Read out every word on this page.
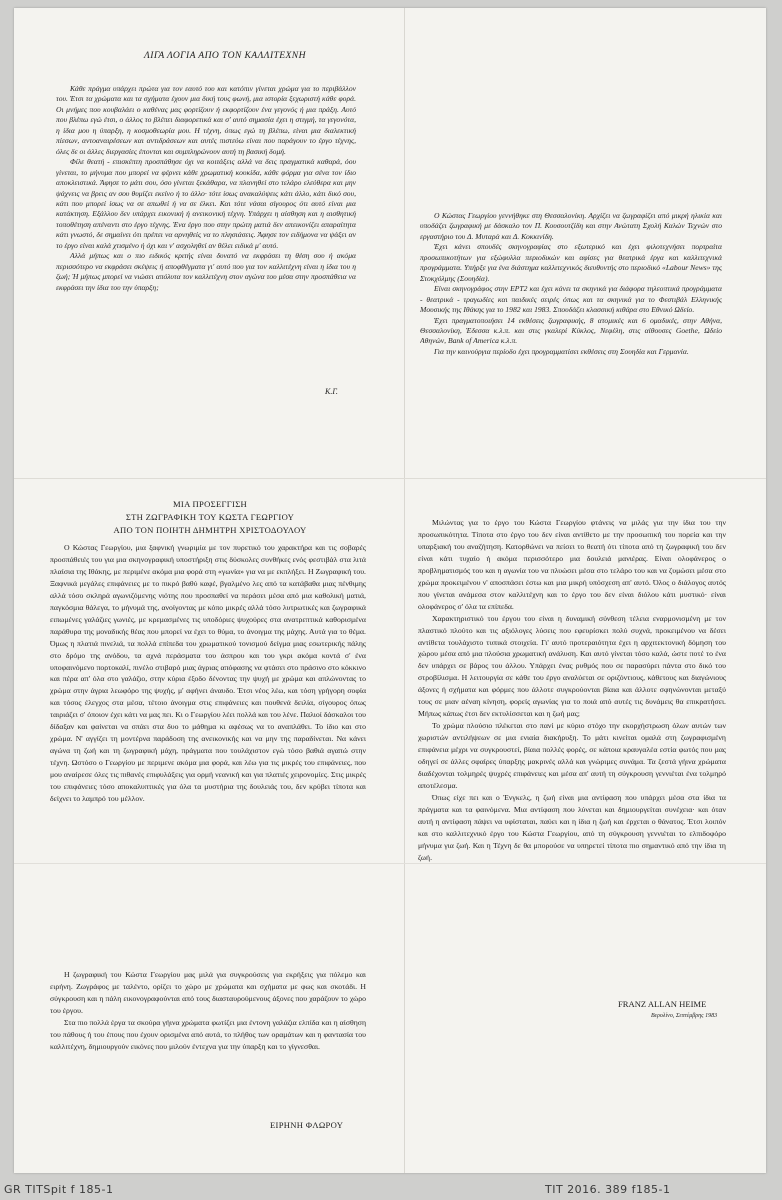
ΛΙΓΑ ΛΟΓΙΑ ΑΠΟ ΤΟΝ ΚΑΛΛΙΤΕΧΝΗ

Κάθε πράγμα υπάρχει πρώτα για τον εαυτό του και κατόπιν γίνεται χρώμα για το περιβάλλον του. Έτσι τα χρώματα και τα σχήματα έχουν μια δική τους φωνή, μια ιστορία ξεχωριστή κάθε φορά. Οι μνήμες που κουβαλάει ο καθένας μας φορτίζουν ή εκφορτίζουν ένα γεγονός ή μια πράξη. Αυτό που βλέπω εγώ έτσι, ο άλλος το βλέπει διαφορετικά και σ' αυτό σημασία έχει η στιγμή, τα γεγονότα, η ίδια μου η ύπαρξη, η κοσμοθεωρία μου. Η τέχνη, όπως εγώ τη βλέπω, είναι μια διαλεκτική πίεσων, αντοαναιρέσεων και αντιδράσεων και αυτές πιστεύω είναι που παράγουν το έργο τέχνης, όλες δε οι άλλες διεργασίες έπονται και συμπληρώνουν αυτή τη βασική δομή.

Φίλε θεατή - επισκέπτη προσπάθησε όχι να κοιτάξεις αλλά να δεις πραγματικά καθαρά, όου γίνεται, το μήνυμα που μπορεί να φέρνει κάθε χρωματική κουκίδα, κάθε φόρμα για σένα τον ίδιο αποκλειστικά. Άφησε το μάτι σου, όσο γίνεται ξεκάθαρα, να πλανηθεί στο τελάρο ελεύθερα και μην ψάχνεις να βρεις αν σου θυμίζει εκείνο ή το άλλο· τότε ίσως ανακαλύψεις κάτι άλλο, κάτι δικό σου, κάτι που μπορεί ίσως να σε απωθεί ή να σε έλκει. Και τότε νάσαι σίγουρος ότι αυτό είναι μια κατάκτηση. Εξάλλου δεν υπάρχει εικονική ή ανεικονική τέχνη. Υπάρχει η αίσθηση και η αισθητική τοποθέτηση απέναντι στο έργο τέχνης. Ένα έργο που στην πρώτη ματιά δεν απεικονίζει απαραίτητα κάτι γνωστό, δε σημαίνει ότι πρέπει να αρνηθείς να το πλησιάσεις. Άφησε τον ειδήμονα να ψάξει αν το έργο είναι καλά χτισμένο ή όχι και ν' ασχοληθεί αν θέλει ειδικά μ' αυτό.

Αλλά μήπως και ο πιο ειδικός κριτής είναι δυνατό να εκφράσει τη θέση σου ή ακόμα περισσότερο να εκφράσει σκέψεις ή αποφθέγματα γι' αυτό που για τον καλλιτέχνη είναι η ίδια του η ζωή; Ή μήπως μπορεί να νιώσει απόλυτα τον καλλιτέχνη στον αγώνα του μέσα στην προσπάθεια να εκφράσει την ίδια του την ύπαρξη;

Κ.Γ.

Ο Κώστας Γεωργίου γεννήθηκε στη Θεσσαλονίκη. Αρχίζει να ζωγραφίζει από μικρή ηλικία και υποδάζει ζωγραφική με δάσκαλο τον Π. Κουσουτζίδη και στην Ανώτατη Σχολή Καλών Τεχνών στο εργαστήριο του Δ. Μυταρά και Δ. Κοκκινίδη.

Έχει κάνει σπουδές σκηνογραφίας στο εξωτερικό και έχει φιλοτεχνήσει πορτραίτα προσωπικοτήτων για εξώφυλλα περιοδικών και αφίσες για θεατρικά έργα και καλλιτεχνικά προγράμματα. Υπήρξε για ένα διάστημα καλλιτεχνικός διευθυντής στο περιοδικό «Labour News» της Στοκχόλμης (Σουηδία).

Είναι σκηνογράφος στην ΕΡΤ2 και έχει κάνει τα σκηνικά για διάφορα τηλεοπτικά προγράμματα - θεατρικά - τραγωδίες και παιδικές σειρές όπως και τα σκηνικά για το Φεστιβάλ Ελληνικής Μουσικής της Ιθάκης για το 1982 και 1983. Σπουδάζει κλασσική κιθάρα στο Εθνικό Ωδείο.

Έχει πραγματοποιήσει 14 εκθέσεις ζωγραφικής, 8 ατομικές και 6 ομαδικές, στην Αθήνα, Θεσσαλονίκη, Έδεσσα κ.λ.π. και στις γκαλερί Κύκλος, Νεφέλη, στις αίθουσες Goethe, Ωδείο Αθηνών, Bank of America κ.λ.π.

Για την καινούργια περίοδο έχει προγραμματίσει εκθέσεις στη Σουηδία και Γερμανία.

ΜΙΑ ΠΡΟΣΕΓΓΙΣΗ
ΣΤΗ ΖΩΓΡΑΦΙΚΗ ΤΟΥ ΚΩΣΤΑ ΓΕΩΡΓΙΟΥ
ΑΠΟ ΤΟΝ ΠΟΙΗΤΗ ΔΗΜΗΤΡΗ ΧΡΙΣΤΟΔΟΥΛΟΥ

Ο Κώστας Γεωργίου, μια ξαφνική γνωριμία με τον πυρετικό του χαρακτήρα και τις σοβαρές προσπάθειές του για μια σκηνογραφική υποστήριξη στις δύσκολες συνθήκες ενός φεστιβάλ στα λιτά πλαίσια της Ιθάκης, με περιμένε ακόμα μια φορά στη «γωνία» για να με εκπλήξει. Η Ζωγραφική του. Ξαφνικά μεγάλες επιφάνειες με το πικρό βαθύ καφέ, βγαλμένο λες από τα κατάβαθα μιας πένθιμης αλλά τόσο σκληρά αγωνιζόμενης νιότης που προσπαθεί να περάσει μέσα από μια καθολική ματιά, παγκόσμια θάλεγα, το μήνυμά της, ανοίγοντας με κόπο μικρές αλλά τόσο λυτρωτικές και ζωγραφικά ειπωμένες γαλάζιες γωνιές, με κρεμασμένες τις υποδόριες ψυχούρες στα ανατρεπτικά καθορισμένα παράθυρα της μοναδικής θέας που μπορεί να έχει το θύμα, το άνοιγμα της μάχης. Αυτά για το θέμα. Όμως η πλατιά πινελιά, τα πολλά επίπεδα του χρωματικού τονισμού δείγμα μιας εσωτερικής πάλης στο δρόμο της ανόδου, τα αχνά περάσματα του άσπρου και του γκρι ακόμα κοντά σ' ένα υποφαινόμενο πορτοκαλί, πινέλο στιβαρό μιας άγριας απόφασης να φτάσει στο πράσινο στο κόκκινο και πέρα απ' όλα στο γαλάζιο, στην κύρια έξοδο δένοντας την ψυχή με χρώμα και απλώνοντας το χρώμα στην άγρια λεωφόρο της ψυχής, μ' αφήνει άναυδο. Έτσι νέος λέω, και τόση γρήγορη σοφία και τόσος έλεγχος στα μέσα, τέτοιο άνοιγμα στις επιφάνειες και πουθενά δειλία, σίγουρος όπως ταιριάζει σ' όποιον έχει κάτι να μας πει. Κι ο Γεωργίου λέει πολλά και του λένε. Παλιοί δάσκαλοι του δίδαξαν και φαίνεται να σπάει στα δυο το μάθημα κι αφέσως να το αναπλάθει. Το ίδιο και στο χρώμα. Ν' αγγίζει τη μοντέρνα παράδοση της ανεικονικής και να μην της παραδίνεται. Να κάνει αγώνα τη ζωή και τη ζωγραφική μάχη, πράγματα που τουλάχιστον εγώ τόσο βαθιά αγαπώ στην τέχνη. Ωστόσο ο Γεωργίου με περιμενε ακόμα μια φορά, και λέω για τις μικρές του επιφάνειες, που μου αναίρεσε όλες τις πιθανές επιφυλάξεις για ορμή νεανική και για πλατιές χειρονομίες. Στις μικρές του επιφάνειες τόσο αποκαλυπτικές για όλα τα μυστήρια της δουλειάς του, δεν κρύβει τίποτα και δείχνει το λαμπρό του μέλλον.

Η ζωγραφική του Κώστα Γεωργίου μας μιλά για συγκρούσεις για εκρήξεις για πόλεμο και ειρήνη. Ζωγράφος με ταλέντο, ορίζει το χώρο με χρώματα και σχήματα με φως και σκοτάδι. Η σύγκρουση και η πάλη εικονογραφούνται από τους διασταυρούμενους άξονες που χαράζουν το χώρο του έργου.

Στα πιο πολλά έργα τα σκούρα γήινα χρώματα φωτίζει μια έντονη γαλάζια ελπίδα και η αίσθηση του πάθους ή του έπους που έχουν ορισμένα από αυτά, το πλήθος των οραμάτων και η φαντασία του καλλιτέχνη, δημιουργούν εικόνες που μιλούν έντεχνα για την ύπαρξη και το γίγνεσθαι.

ΕΙΡΗΝΗ ΦΛΩΡΟΥ

Μιλώντας για το έργο του Κώστα Γεωργίου φτάνεις να μιλάς για την ίδια του την προσωπικότητα. Τίποτα στο έργο του δεν είναι αντίθετο με την προσωπική του πορεία και την υπαρξιακή του αναζήτηση. Κατορθώνει να πείσει το θεατή ότι τίποτα από τη ζωγραφική του δεν είναι κάτι τυχαίο ή ακόμα περισσότερο μια δουλειά μανιέρας. Είναι ολοφάνερος ο προβληματισμός του και η αγωνία του να πλυώσει μέσα στο τελάρο του και να ζυμώσει μέσα στο χρώμα προκειμένου ν' αποσπάσει έστω και μια μικρή υπόσχεση απ' αυτό. Όλος ο διάλογος αυτός που γίνεται ανάμεσα στον καλλιτέχνη και το έργο του δεν είναι διόλου κάτι μυστικό· είναι ολοφάνερος σ' όλα τα επίπεδα.

Χαρακτηριστικό του έργου του είναι η δυναμική σύνθεση τέλεια εναρμονισμένη με τον πλαστικό πλούτο και τις αξιόλογες λύσεις που εφευρίσκει πολύ συχνά, προκειμένου να δέσει αντίθετα τουλάχιστο τυπικά στοιχεία. Γι' αυτό προτεραιότητα έχει η αρχιτεκτονική δόμηση του χώρου μέσα από μια πλούσια χρωματική ανάλυση. Και αυτό γίνεται τόσο καλά, ώστε ποτέ το ένα δεν υπάρχει σε βάρος του άλλου. Υπάρχει ένας ρυθμός που σε παρασύρει πάντα στο δικό του στροβίλισμα. Η λειτουργία σε κάθε του έργο αναλύεται σε οριζόντιους, κάθετους και διαγώνιους άξονες ή σχήματα και φόρμες που άλλοτε συγκρούονται βίαια και άλλοτε σφηνώνονται μεταξύ τους σε μιαν αέναη κίνηση, φορείς αγωνίας για το ποιά από αυτές τις δυνάμεις θα επικρατήσει. Μήπως κάπως έτσι δεν εκτυλίσσεται και η ζωή μας;

Το χρώμα πλούσιο πλέκεται στο πανί με κύριο στόχο την εκορχήστρωση όλων αυτών των χωριστών αντιλήψεων σε μια ενιαία διακήρυξη. Το μάτι κινείται ομαλά στη ζωγραφισμένη επιφάνεια μέχρι να συγκρουστεί, βίαια πολλές φορές, σε κάποια κραυγαλέα εστία φωτός που μας οδηγεί σε άλλες σφαίρες ύπαρξης μακρινές αλλά και γνώριμες συνάμα. Τα ζεστά γήινα χρώματα διαδέχονται τολμηρές ψυχρές επιφάνειες και μέσα απ' αυτή τη σύγκρουση γεννιέται ένα τολμηρό αποτέλεσμα.

Όπως είχε πει και ο Ένγκελς, η ζωή είναι μια αντίφαση που υπάρχει μέσα στα ίδια τα πράγματα και τα φαινόμενα. Μια αντίφαση που λύνεται και δημιουργείται συνέχεια· και όταν αυτή η αντίφαση πάψει να υφίσταται, παύει και η ίδια η ζωή και έρχεται ο θάνατος. Έτσι λοιπόν και στο καλλιτεχνικό έργο του Κώστα Γεωργίου, από τη σύγκρουση γεννιέται το ελπιδοφόρο μήνυμα για ζωή. Και η Τέχνη δε θα μπορούσε να υπηρετεί τίποτα πιο σημαντικό από την ίδια τη ζωή.

FRANZ ALLAN HEIME
Βερολίνο, Σεπτέμβρης 1983
GR TITSpit f 185-1	TIT 2016. 389 f185-1
